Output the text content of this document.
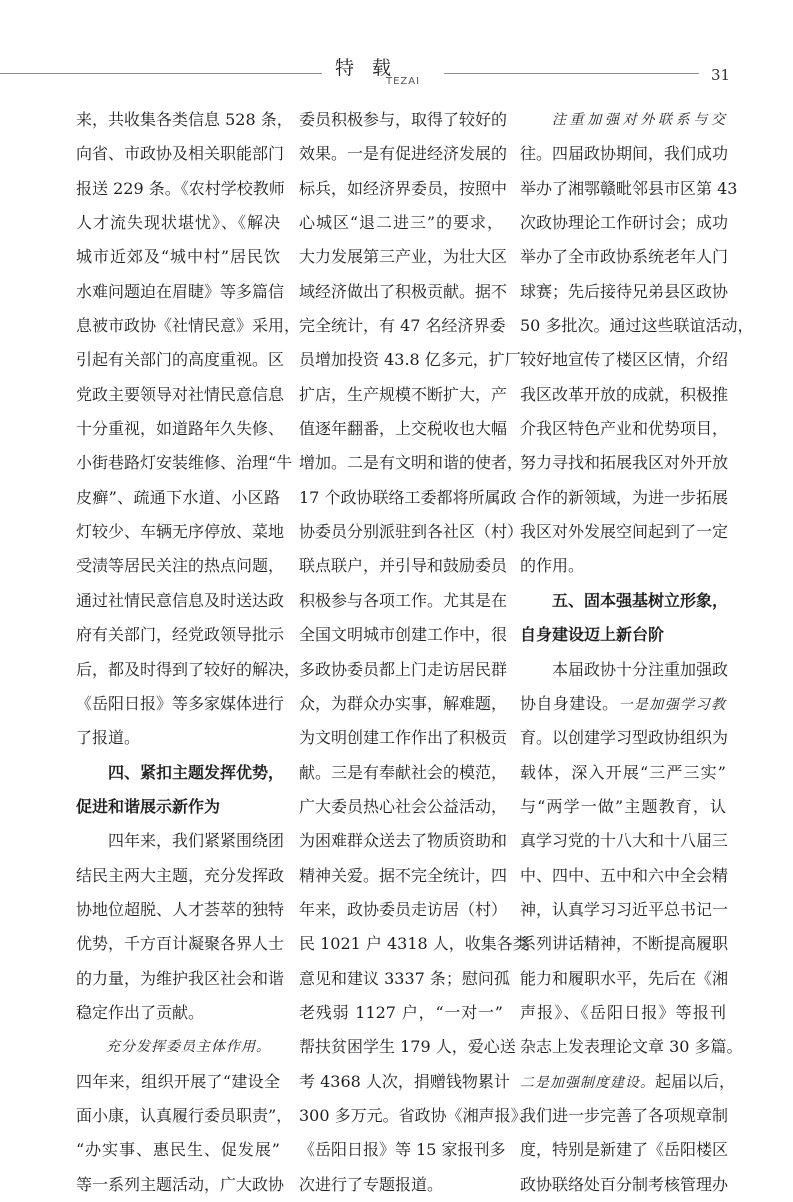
特 载
TEZAI	31
来，共收集各类信息 528 条，
向省、市政协及相关职能部门
报送 229 条。《农村学校教师
人才流失现状堪忧》、《解决
城市近郊及“城中村”居民饮
水难问题迫在眉睫》等多篇信
息被市政协《社情民意》采用，
引起有关部门的高度重视。区
党政主要领导对社情民意信息
十分重视，如道路年久失修、
小街巷路灯安装维修、治理“牛
皮癣”、疏通下水道、小区路
灯较少、车辆无序停放、菜地
受渍等居民关注的热点问题，
通过社情民意信息及时送达政
府有关部门，经党政领导批示
后，都及时得到了较好的解决，
《岳阳日报》等多家媒体进行
了报道。
四、紧扣主题发挥优势，
促进和谐展示新作为
四年来，我们紧紧围绕团
结民主两大主题，充分发挥政
协地位超脱、人才荟萃的独特
优势，千方百计凝聚各界人士
的力量，为维护我区社会和谐
稳定作出了贡献。
充分发挥委员主体作用。
四年来，组织开展了“建设全
面小康，认真履行委员职责”，
“办实事、惠民生、促发展”
等一系列主题活动，广大政协
委员积极参与，取得了较好的
效果。一是有促进经济发展的
标兵，如经济界委员，按照中
心城区“退二进三”的要求，
大力发展第三产业，为壮大区
域经济做出了积极贡献。据不
完全统计，有 47 名经济界委
员增加投资 43.8 亿多元，扩厂
扩店，生产规模不断扩大，产
值逐年翻番，上交税收也大幅
增加。二是有文明和谐的使者，
17 个政协联络工委都将所属政
协委员分别派驻到各社区（村）
联点联户，并引导和鼓励委员
积极参与各项工作。尤其是在
全国文明城市创建工作中，很
多政协委员都上门走访居民群
众，为群众办实事，解难题，
为文明创建工作作出了积极贡
献。三是有奉献社会的模范，
广大委员热心社会公益活动，
为困难群众送去了物质资助和
精神关爱。据不完全统计，四
年来，政协委员走访居（村）
民 1021 户 4318 人，收集各类
意见和建议 3337 条；慰问孤
老残弱 1127 户，“一对一”
帮扶贫困学生 179 人，爱心送
考 4368 人次，捐赠钱物累计
300 多万元。省政协《湘声报》、
《岳阳日报》等 15 家报刊多
次进行了专题报道。
注重加强对外联系与交
往。四届政协期间，我们成功
举办了湘鄂赣毗邻县市区第 43
次政协理论工作研讨会；成功
举办了全市政协系统老年人门
球赛；先后接待兄弟县区政协
50 多批次。通过这些联谊活动，
较好地宣传了楼区区情，介绍
我区改革开放的成就，积极推
介我区特色产业和优势项目，
努力寻找和拓展我区对外开放
合作的新领域，为进一步拓展
我区对外发展空间起到了一定
的作用。
五、固本强基树立形象，
自身建设迈上新台阶
本届政协十分注重加强政
协自身建设。一是加强学习教
育。以创建学习型政协组织为
载体，深入开展“三严三实”
与“两学一做”主题教育，认
真学习党的十八大和十八届三
中、四中、五中和六中全会精
神，认真学习习近平总书记一
系列讲话精神，不断提高履职
能力和履职水平，先后在《湘
声报》、《岳阳日报》等报刊
杂志上发表理论文章 30 多篇。
二是加强制度建设。起届以后，
我们进一步完善了各项规章制
度，特别是新建了《岳阳楼区
政协联络处百分制考核管理办
